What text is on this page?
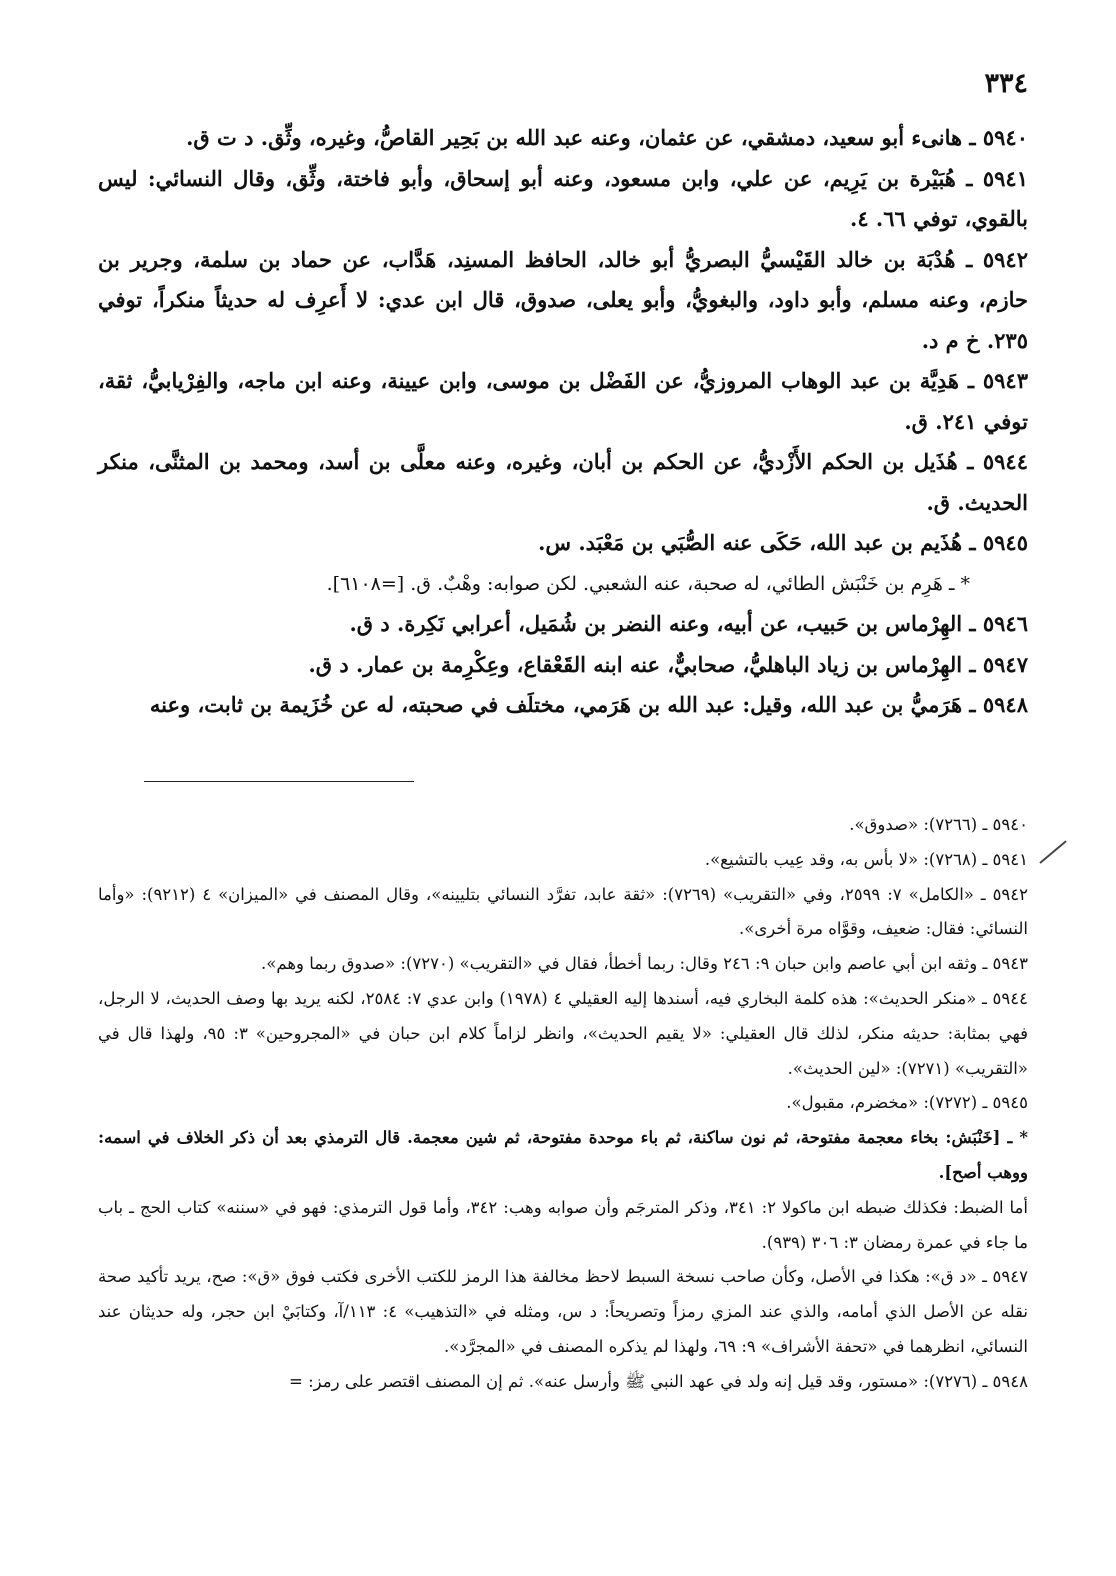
٣٣٤

٥٩٤٠ ـ هانىء أبو سعيد، دمشقي، عن عثمان، وعنه عبد الله بن بَحِير القاصُّ، وغيره، وثِّق. د ت ق.

٥٩٤١ ـ هُبَيْرة بن يَرِيم، عن علي، وابن مسعود، وعنه أبو إسحاق، وأبو فاختة، وثِّق، وقال النسائي: ليس بالقوي، توفي ٦٦. ٤.

٥٩٤٢ ـ هُدْبَة بن خالد القَيْسيُّ البصريُّ أبو خالد، الحافظ المسنِد، هَدَّاب، عن حماد بن سلمة، وجرير بن حازم، وعنه مسلم، وأبو داود، والبغويُّ، وأبو يعلى، صدوق، قال ابن عدي: لا أَعرِف له حديثاً منكراً، توفي ٢٣٥. خ م د.

٥٩٤٣ ـ هَدِيَّة بن عبد الوهاب المروزيُّ، عن الفَضْل بن موسى، وابن عيينة، وعنه ابن ماجه، والفِرْيابيُّ، ثقة، توفي ٢٤١. ق.

٥٩٤٤ ـ هُذَيل بن الحكم الأَزْديُّ، عن الحكم بن أبان، وغيره، وعنه معلَّى بن أسد، ومحمد بن المثنَّى، منكر الحديث. ق.

٥٩٤٥ ـ هُذَيم بن عبد الله، حَكَى عنه الصُّبَي بن مَعْبَد. س.

* ـ هَرِم بن خَنْبَش الطائي، له صحبة، عنه الشعبي. لكن صوابه: وهْبٌ. ق. [=٦١٠٨].

٥٩٤٦ ـ الهِرْماس بن حَبيب، عن أبيه، وعنه النضر بن شُمَيل، أعرابي نَكِرة. د ق.

٥٩٤٧ ـ الهِرْماس بن زياد الباهليُّ، صحابيٌّ، عنه ابنه القَعْقاع، وعِكْرِمة بن عمار. د ق.

٥٩٤٨ ـ هَرَميُّ بن عبد الله، وقيل: عبد الله بن هَرَمي، مختلَف في صحبته، له عن خُزَيمة بن ثابت، وعنه

٥٩٤٠ ـ (٧٢٦٦): «صدوق».

٥٩٤١ ـ (٧٢٦٨): «لا بأس به، وقد عِيب بالتشيع».

٥٩٤٢ ـ «الكامل» ٧: ٢٥٩٩، وفي «التقريب» (٧٢٦٩): «ثقة عابد، تفرَّد النسائي بتليينه»، وقال المصنف في «الميزان» ٤ (٩٢١٢): «وأما النسائي: فقال: ضعيف، وقوَّاه مرة أخرى».

٥٩٤٣ ـ وثقه ابن أبي عاصم وابن حبان ٩: ٢٤٦ وقال: ربما أخطأ، فقال في «التقريب» (٧٢٧٠): «صدوق ربما وهم».

٥٩٤٤ ـ «منكر الحديث»: هذه كلمة البخاري فيه، أسندها إليه العقيلي ٤ (١٩٧٨) وابن عدي ٧: ٢٥٨٤، لكنه يريد بها وصف الحديث، لا الرجل، فهي بمثابة: حديثه منكر، لذلك قال العقيلي: «لا يقيم الحديث»، وانظر لزاماً كلام ابن حبان في «المجروحين» ٣: ٩٥، ولهذا قال في «التقريب» (٧٢٧١): «لين الحديث».

٥٩٤٥ ـ (٧٢٧٢): «مخضرم، مقبول».

* ـ [خَنْبَش: بخاء معجمة مفتوحة، ثم نون ساكنة، ثم باء موحدة مفتوحة، ثم شين معجمة. قال الترمذي بعد أن ذكر الخلاف في اسمه: ووهب أصح].

أما الضبط: فكذلك ضبطه ابن ماكولا ٢: ٣٤١، وذكر المترجَم وأن صوابه وهب: ٣٤٢، وأما قول الترمذي: فهو في «سننه» كتاب الحج ـ باب ما جاء في عمرة رمضان ٣: ٣٠٦ (٩٣٩).

٥٩٤٧ ـ «د ق»: هكذا في الأصل، وكأن صاحب نسخة السبط لاحظ مخالفة هذا الرمز للكتب الأخرى فكتب فوق «ق»: صح، يريد تأكيد صحة نقله عن الأصل الذي أمامه، والذي عند المزي رمزاً وتصريحاً: د س، ومثله في «التذهيب» ٤: ١١٣/آ، وكتابَيْ ابن حجر، وله حديثان عند النسائي، انظرهما في «تحفة الأشراف» ٩: ٦٩، ولهذا لم يذكره المصنف في «المجرَّد».

٥٩٤٨ ـ (٧٢٧٦): «مستور، وقد قيل إنه ولد في عهد النبي ﷺ وأرسل عنه». ثم إن المصنف اقتصر على رمز: =
